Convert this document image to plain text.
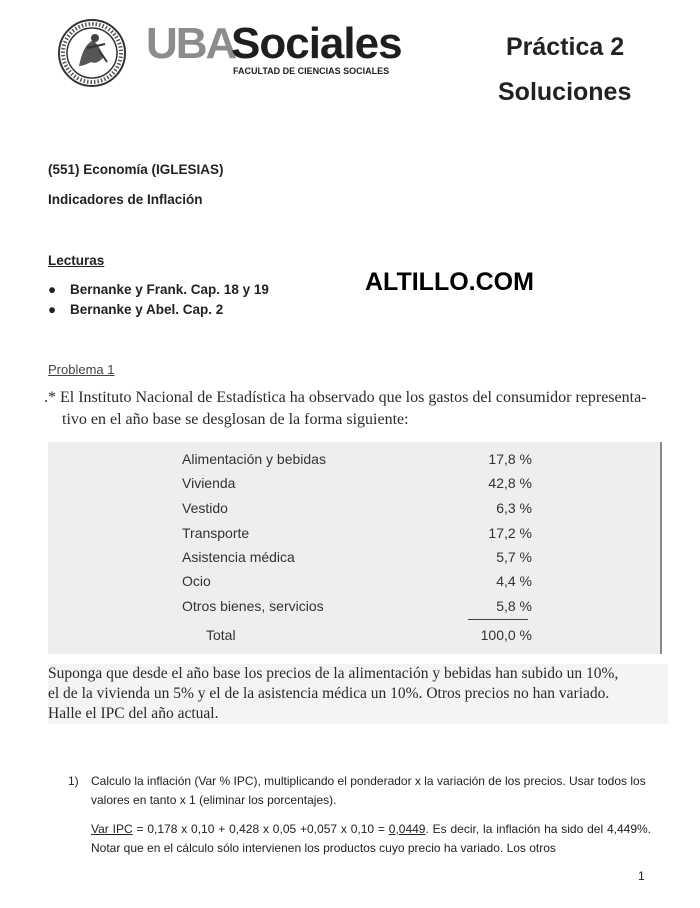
UBA
Sociales
FACULTAD DE CIENCIAS SOCIALES
Práctica 2
Soluciones
(551) Economía (IGLESIAS)
Indicadores de Inflación
Lecturas
● Bernanke y Frank. Cap. 18 y 19
● Bernanke y Abel. Cap. 2
ALTILLO.COM
Problema 1
.* El Instituto Nacional de Estadística ha observado que los gastos del consumidor representa-
tivo en el año base se desglosan de la forma siguiente:
Alimentación y bebidas	17,8 %
Vivienda	42,8 %
Vestido	6,3 %
Transporte	17,2 %
Asistencia médica	5,7 %
Ocio	4,4 %
Otros bienes, servicios	5,8 %
Total	100,0 %
Suponga que desde el año base los precios de la alimentación y bebidas han subido un 10%,
el de la vivienda un 5% y el de la asistencia médica un 10%. Otros precios no han variado.
Halle el IPC del año actual.
1) Calculo la inflación (Var % IPC), multiplicando el ponderador x la variación de los precios. Usar todos los valores en tanto x 1 (eliminar los porcentajes).
Var IPC = 0,178 x 0,10 + 0,428 x 0,05 +0,057 x 0,10 = 0,0449. Es decir, la inflación ha sido del 4,449%. Notar que en el cálculo sólo intervienen los productos cuyo precio ha variado. Los otros
1
